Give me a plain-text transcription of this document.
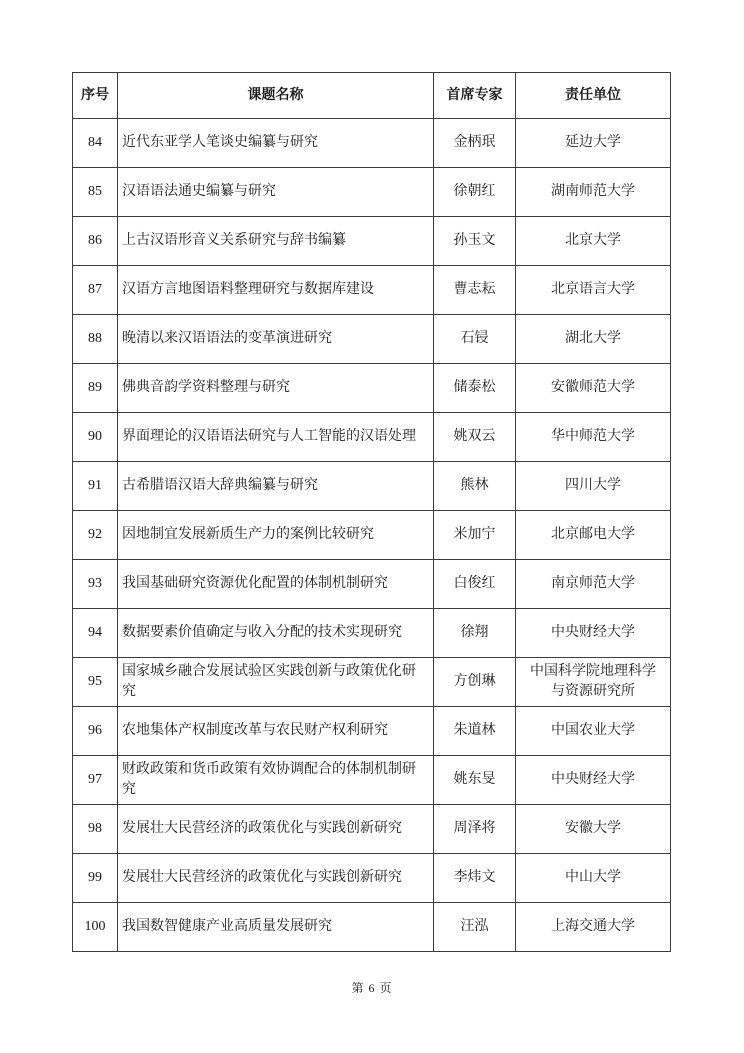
序号	课题名称	首席专家	责任单位
84	近代东亚学人笔谈史编纂与研究	金柄珉	延边大学
85	汉语语法通史编纂与研究	徐朝红	湖南师范大学
86	上古汉语形音义关系研究与辞书编纂	孙玉文	北京大学
87	汉语方言地图语料整理研究与数据库建设	曹志耘	北京语言大学
88	晚清以来汉语语法的变革演进研究	石锓	湖北大学
89	佛典音韵学资料整理与研究	储泰松	安徽师范大学
90	界面理论的汉语语法研究与人工智能的汉语处理	姚双云	华中师范大学
91	古希腊语汉语大辞典编纂与研究	熊林	四川大学
92	因地制宜发展新质生产力的案例比较研究	米加宁	北京邮电大学
93	我国基础研究资源优化配置的体制机制研究	白俊红	南京师范大学
94	数据要素价值确定与收入分配的技术实现研究	徐翔	中央财经大学
95	国家城乡融合发展试验区实践创新与政策优化研究	方创琳	中国科学院地理科学与资源研究所
96	农地集体产权制度改革与农民财产权利研究	朱道林	中国农业大学
97	财政政策和货币政策有效协调配合的体制机制研究	姚东旻	中央财经大学
98	发展壮大民营经济的政策优化与实践创新研究	周泽将	安徽大学
99	发展壮大民营经济的政策优化与实践创新研究	李炜文	中山大学
100	我国数智健康产业高质量发展研究	汪泓	上海交通大学
第 6 页
